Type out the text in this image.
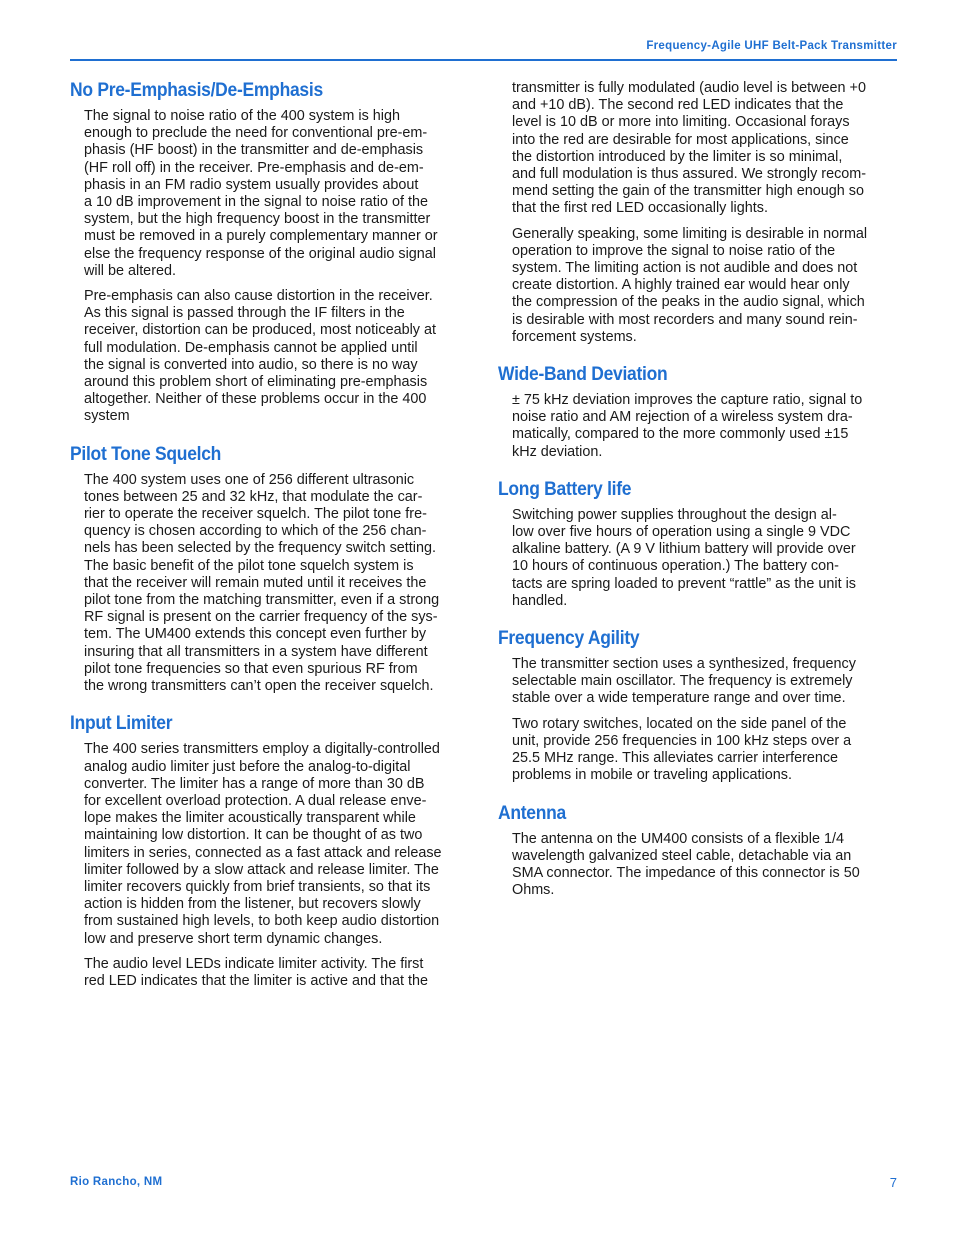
Frequency-Agile UHF Belt-Pack Transmitter
No Pre-Emphasis/De-Emphasis

The signal to noise ratio of the 400 system is high
enough to preclude the need for conventional pre-em-
phasis (HF boost) in the transmitter and de-emphasis
(HF roll off) in the receiver. Pre-emphasis and de-em-
phasis in an FM radio system usually provides about
a 10 dB improvement in the signal to noise ratio of the
system, but the high frequency boost in the transmitter
must be removed in a purely complementary manner or
else the frequency response of the original audio signal
will be altered.

Pre-emphasis can also cause distortion in the receiver.
As this signal is passed through the IF filters in the
receiver, distortion can be produced, most noticeably at
full modulation. De-emphasis cannot be applied until
the signal is converted into audio, so there is no way
around this problem short of eliminating pre-emphasis
altogether. Neither of these problems occur in the 400
system

Pilot Tone Squelch

The 400 system uses one of 256 different ultrasonic
tones between 25 and 32 kHz, that modulate the car-
rier to operate the receiver squelch. The pilot tone fre-
quency is chosen according to which of the 256 chan-
nels has been selected by the frequency switch setting.
The basic benefit of the pilot tone squelch system is
that the receiver will remain muted until it receives the
pilot tone from the matching transmitter, even if a strong
RF signal is present on the carrier frequency of the sys-
tem. The UM400 extends this concept even further by
insuring that all transmitters in a system have different
pilot tone frequencies so that even spurious RF from
the wrong transmitters can’t open the receiver squelch.

Input Limiter

The 400 series transmitters employ a digitally-controlled
analog audio limiter just before the analog-to-digital
converter. The limiter has a range of more than 30 dB
for excellent overload protection. A dual release enve-
lope makes the limiter acoustically transparent while
maintaining low distortion. It can be thought of as two
limiters in series, connected as a fast attack and release
limiter followed by a slow attack and release limiter. The
limiter recovers quickly from brief transients, so that its
action is hidden from the listener, but recovers slowly
from sustained high levels, to both keep audio distortion
low and preserve short term dynamic changes.

The audio level LEDs indicate limiter activity. The first
red LED indicates that the limiter is active and that the

transmitter is fully modulated (audio level is between +0
and +10 dB). The second red LED indicates that the
level is 10 dB or more into limiting. Occasional forays
into the red are desirable for most applications, since
the distortion introduced by the limiter is so minimal,
and full modulation is thus assured. We strongly recom-
mend setting the gain of the transmitter high enough so
that the first red LED occasionally lights.

Generally speaking, some limiting is desirable in normal
operation to improve the signal to noise ratio of the
system. The limiting action is not audible and does not
create distortion. A highly trained ear would hear only
the compression of the peaks in the audio signal, which
is desirable with most recorders and many sound rein-
forcement systems.

Wide-Band Deviation

± 75 kHz deviation improves the capture ratio, signal to
noise ratio and AM rejection of a wireless system dra-
matically, compared to the more commonly used ±15
kHz deviation.

Long Battery life

Switching power supplies throughout the design al-
low over five hours of operation using a single 9 VDC
alkaline battery. (A 9 V lithium battery will provide over
10 hours of continuous operation.) The battery con-
tacts are spring loaded to prevent “rattle” as the unit is
handled.

Frequency Agility

The transmitter section uses a synthesized, frequency
selectable main oscillator. The frequency is extremely
stable over a wide temperature range and over time.

Two rotary switches, located on the side panel of the
unit, provide 256 frequencies in 100 kHz steps over a
25.5 MHz range. This alleviates carrier interference
problems in mobile or traveling applications.

Antenna

The antenna on the UM400 consists of a flexible 1/4
wavelength galvanized steel cable, detachable via an
SMA connector. The impedance of this connector is 50
Ohms.

Rio Rancho, NM	7
